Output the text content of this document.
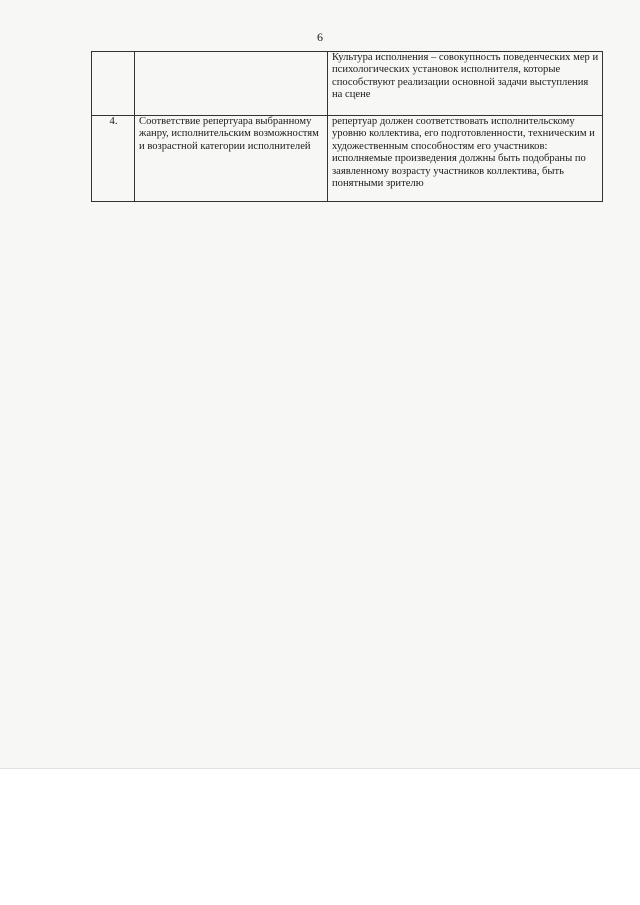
6
		Культура исполнения – совокупность поведенческих мер и психологических установок исполнителя, которые способствуют реализации основной задачи выступления на сцене
4.	Соответствие репертуара выбранному жанру, исполнительским возможностям и возрастной категории исполнителей	репертуар должен соответствовать исполнительскому уровню коллектива, его подготовленности, техническим и художественным способностям его участников: исполняемые произведения должны быть подобраны по заявленному возрасту участников коллектива, быть понятными зрителю
